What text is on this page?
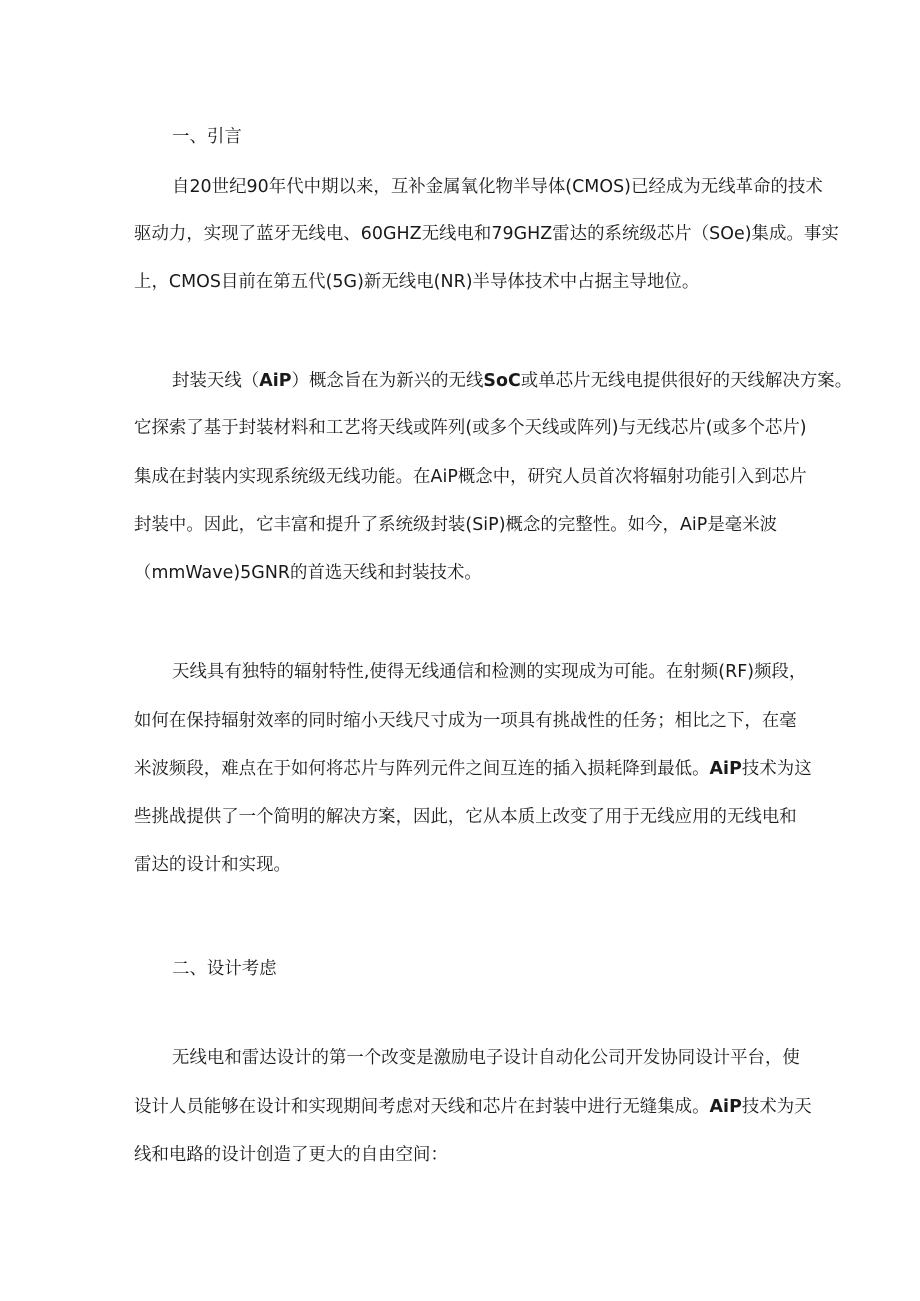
一、引言
自20世纪90年代中期以来，互补金属氧化物半导体(CMOS)已经成为无线革命的技术
驱动力，实现了蓝牙无线电、60GHZ无线电和79GHZ雷达的系统级芯片（SOe)集成。事实
上，CMOS目前在第五代(5G)新无线电(NR)半导体技术中占据主导地位。
封装天线（AiP）概念旨在为新兴的无线SoC或单芯片无线电提供很好的天线解决方案。
它探索了基于封装材料和工艺将天线或阵列(或多个天线或阵列)与无线芯片(或多个芯片)
集成在封装内实现系统级无线功能。在AiP概念中，研究人员首次将辐射功能引入到芯片
封装中。因此，它丰富和提升了系统级封装(SiP)概念的完整性。如今，AiP是毫米波
（mmWave)5GNR的首选天线和封装技术。
天线具有独特的辐射特性,使得无线通信和检测的实现成为可能。在射频(RF)频段，
如何在保持辐射效率的同时缩小天线尺寸成为一项具有挑战性的任务；相比之下，在毫
米波频段，难点在于如何将芯片与阵列元件之间互连的插入损耗降到最低。AiP技术为这
些挑战提供了一个简明的解决方案，因此，它从本质上改变了用于无线应用的无线电和
雷达的设计和实现。
二、设计考虑
无线电和雷达设计的第一个改变是激励电子设计自动化公司开发协同设计平台，使
设计人员能够在设计和实现期间考虑对天线和芯片在封装中进行无缝集成。AiP技术为天
线和电路的设计创造了更大的自由空间：
